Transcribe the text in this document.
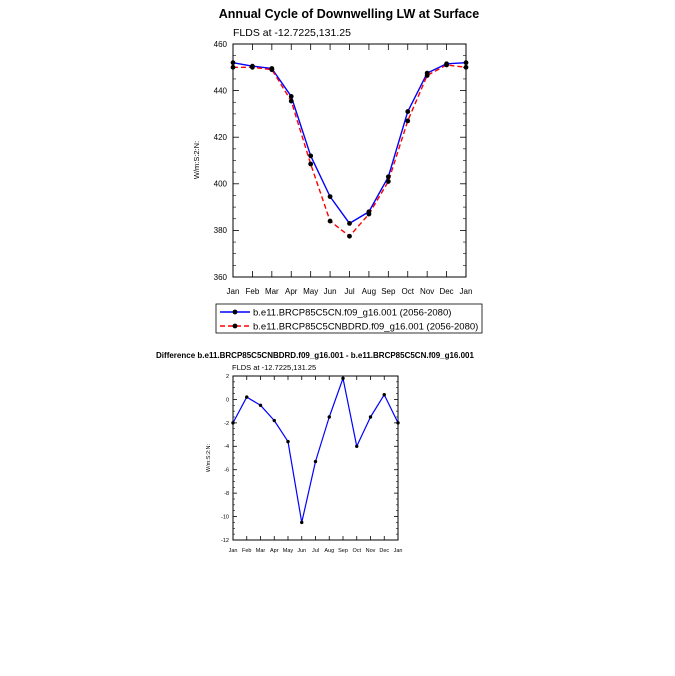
Annual Cycle of Downwelling LW at Surface
FLDS at -12.7225,131.25
W/m:S:2:N:
Jan Feb Mar Apr May Jun Jul Aug Sep Oct Nov Dec Jan
360
380
400
420
440
460
b.e11.BRCP85C5CN.f09_g16.001 (2056-2080)
b.e11.BRCP85C5CNBDRD.f09_g16.001 (2056-2080)
Difference b.e11.BRCP85C5CNBDRD.f09_g16.001 - b.e11.BRCP85C5CN.f09_g16.001
FLDS at -12.7225,131.25
W/m:S:2:N:
Jan Feb Mar Apr May Jun Jul Aug Sep Oct Nov Dec Jan
-12
-10
-8
-6
-4
-2
0
2
